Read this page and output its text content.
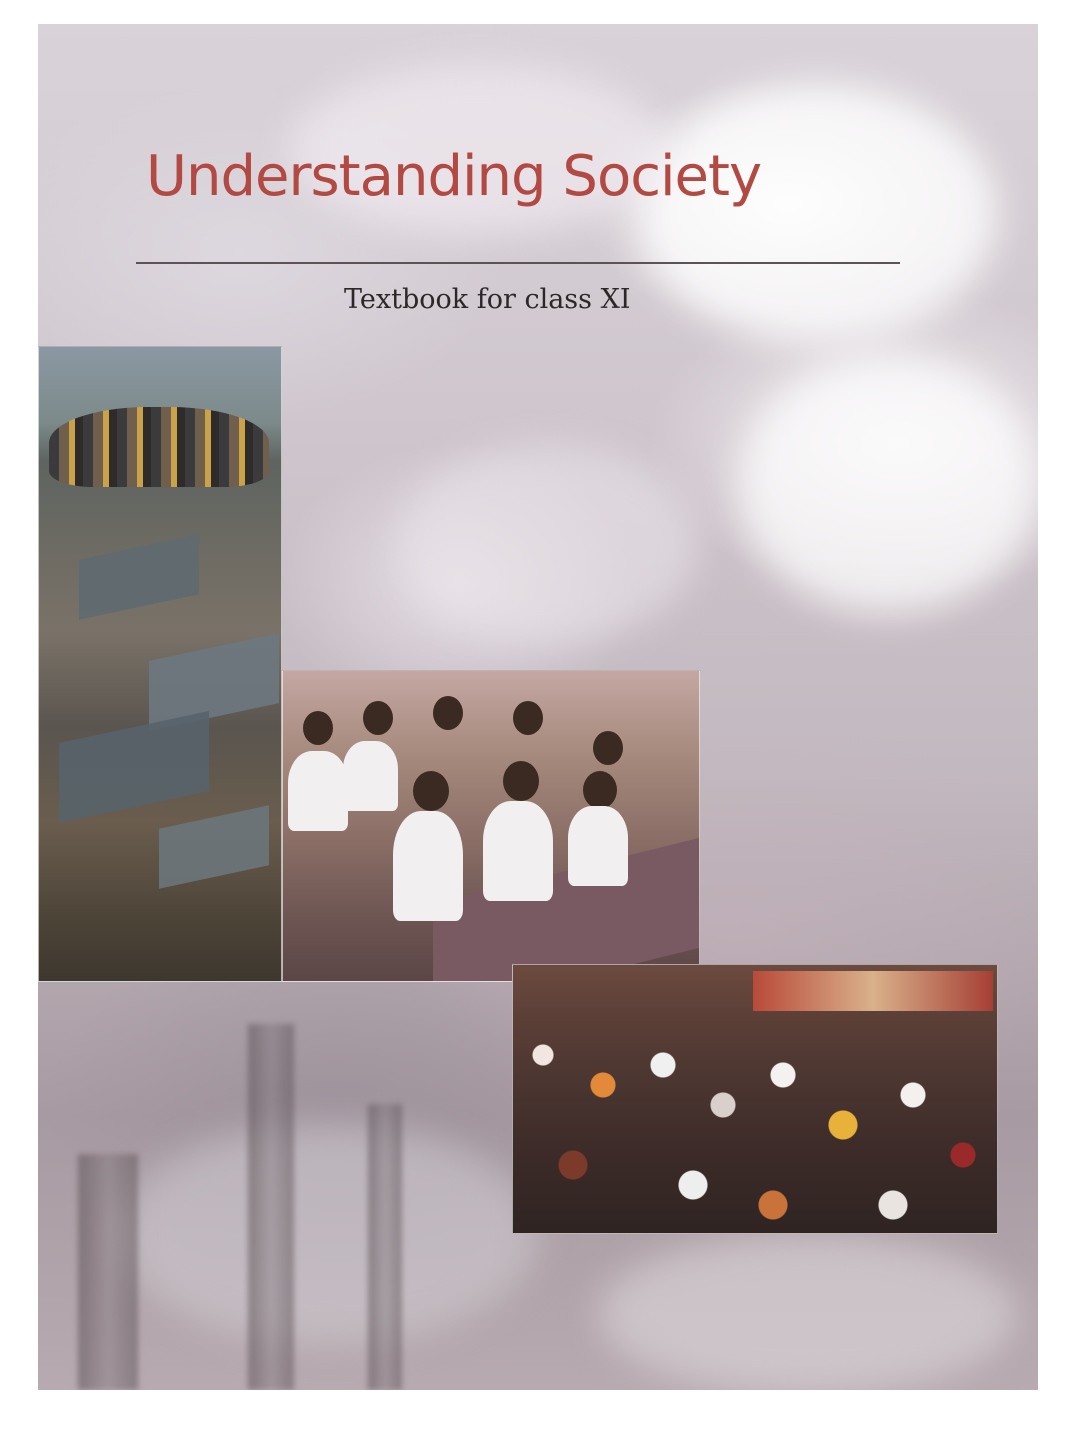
Understanding Society

Textbook for class XI
